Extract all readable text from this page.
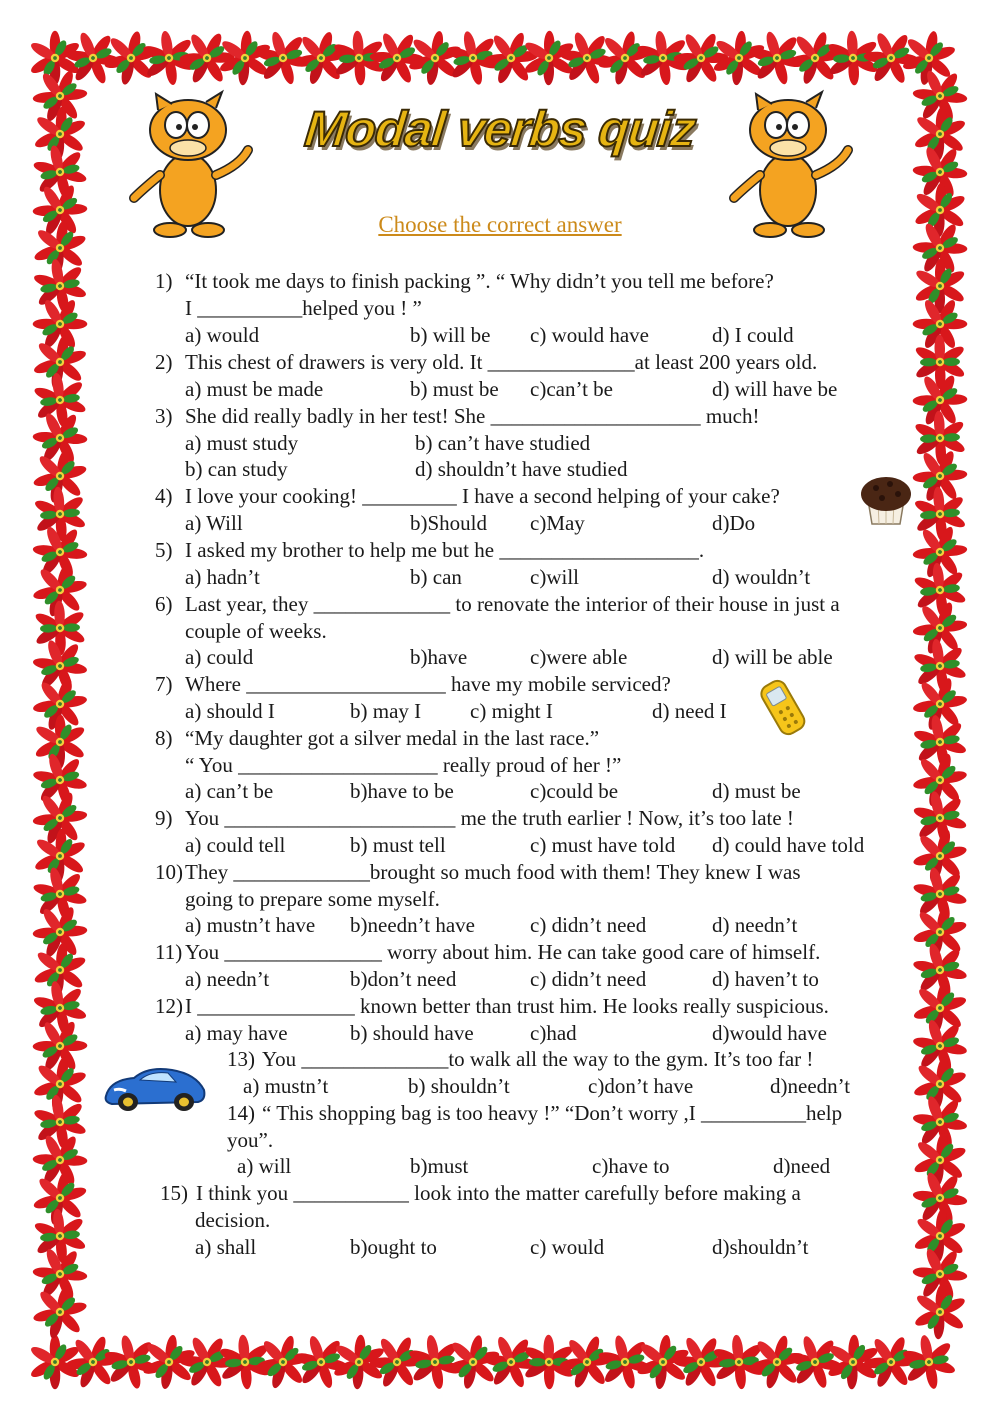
Modal verbs quiz
Choose the correct answer
1) “It took me days to finish packing ”. “ Why didn’t you tell me before?
I __________helped you ! ”
a) would	b) will be c) would have	d) I could
2) This chest of drawers is very old. It ______________at least 200 years old.
a) must be made	b) must be c)can’t be	d) will have be
3) She did really badly in her test! She ____________________ much!
a) must study	b) can’t have studied
b) can study	d) shouldn’t have studied
4) I love your cooking! _________ I have a second helping of your cake?
a) Will	b)Should c)May	d)Do
5) I asked my brother to help me but he ___________________.
a) hadn’t	b) can	c)will	d) wouldn’t
6) Last year, they _____________ to renovate the interior of their house in just a
couple of weeks.
a) could	b)have	c)were able	d) will be able
7) Where ___________________ have my mobile serviced?
a) should I	b) may I c) might I	d) need I
8) “My daughter got a silver medal in the last race.”
“ You ___________________ really proud of her !”
a) can’t be	b)have to be	c)could be	d) must be
9) You ______________________ me the truth earlier ! Now, it’s too late !
a) could tell	b) must tell	c) must have told d) could have told
10) They _____________brought so much food with them! They knew I was
going to prepare some myself.
a) mustn’t have b)needn’t have	c) didn’t need	d) needn’t
11) You _______________ worry about him. He can take good care of himself.
a) needn’t	b)don’t need	c) didn’t need	d) haven’t to
12) I _______________ known better than trust him. He looks really suspicious.
a) may have	b) should have	c)had	d)would have
13) You ______________to walk all the way to the gym. It’s too far !
a) mustn’t	b) shouldn’t	c)don’t have	d)needn’t
14) “ This shopping bag is too heavy !” “Don’t worry ,I __________help
you”.
a) will	b)must	c)have to	d)need
15) I think you ___________ look into the matter carefully before making a
decision.
a) shall	b)ought to	c) would	d)shouldn’t
